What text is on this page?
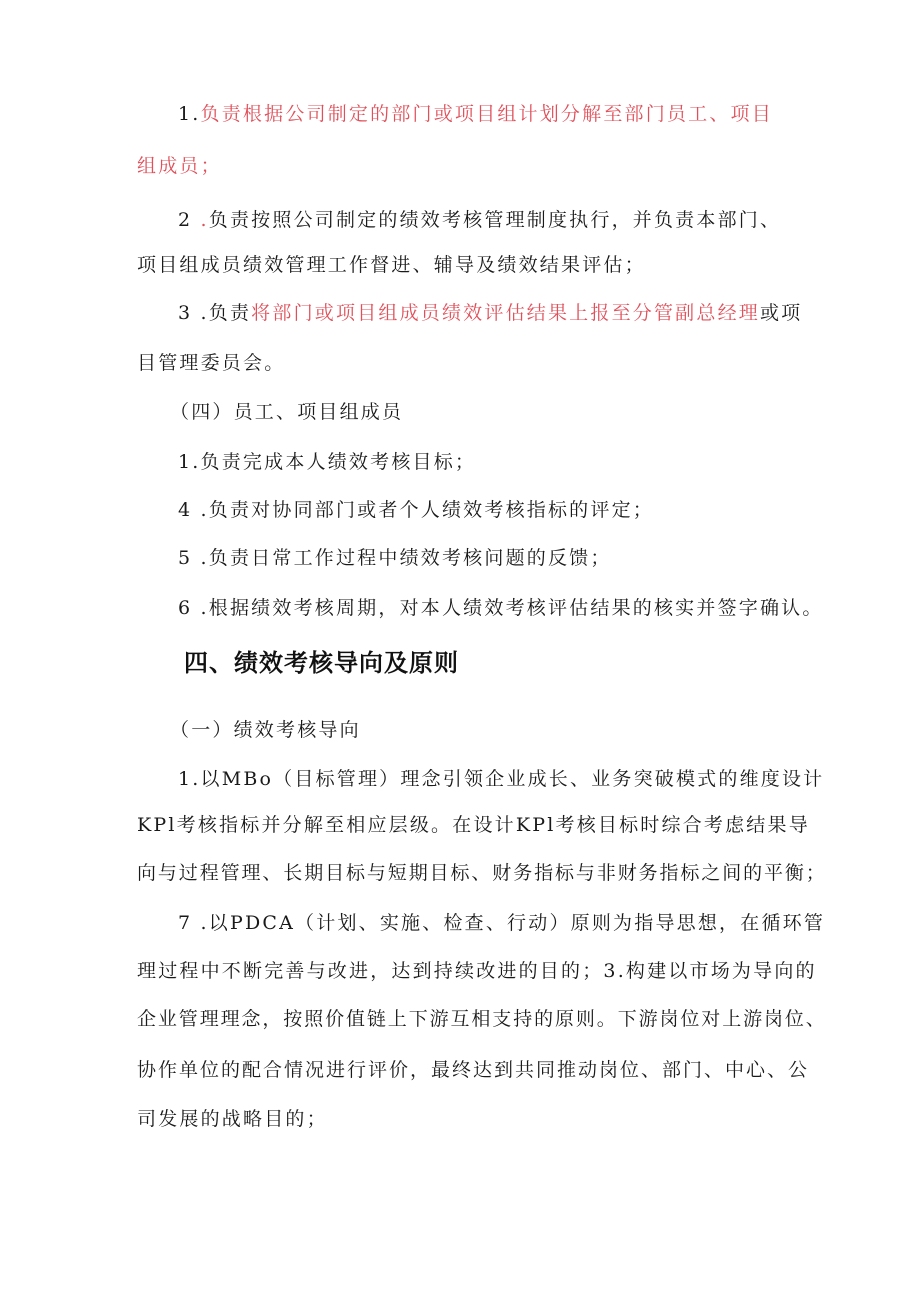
1.负责根据公司制定的部门或项目组计划分解至部门员工、项目
组成员；
2 .负责按照公司制定的绩效考核管理制度执行，并负责本部门、
项目组成员绩效管理工作督进、辅导及绩效结果评估；
3 .负责将部门或项目组成员绩效评估结果上报至分管副总经理或项
目管理委员会。
（四）员工、项目组成员
1.负责完成本人绩效考核目标；
4 .负责对协同部门或者个人绩效考核指标的评定；
5 .负责日常工作过程中绩效考核问题的反馈；
6 .根据绩效考核周期，对本人绩效考核评估结果的核实并签字确认。
四、绩效考核导向及原则
（一）绩效考核导向
1.以MBo（目标管理）理念引领企业成长、业务突破模式的维度设计
KPl考核指标并分解至相应层级。在设计KPl考核目标时综合考虑结果导
向与过程管理、长期目标与短期目标、财务指标与非财务指标之间的平衡；
7 .以PDCA（计划、实施、检查、行动）原则为指导思想，在循环管
理过程中不断完善与改进，达到持续改进的目的；3.构建以市场为导向的
企业管理理念，按照价值链上下游互相支持的原则。下游岗位对上游岗位、
协作单位的配合情况进行评价，最终达到共同推动岗位、部门、中心、公
司发展的战略目的；
